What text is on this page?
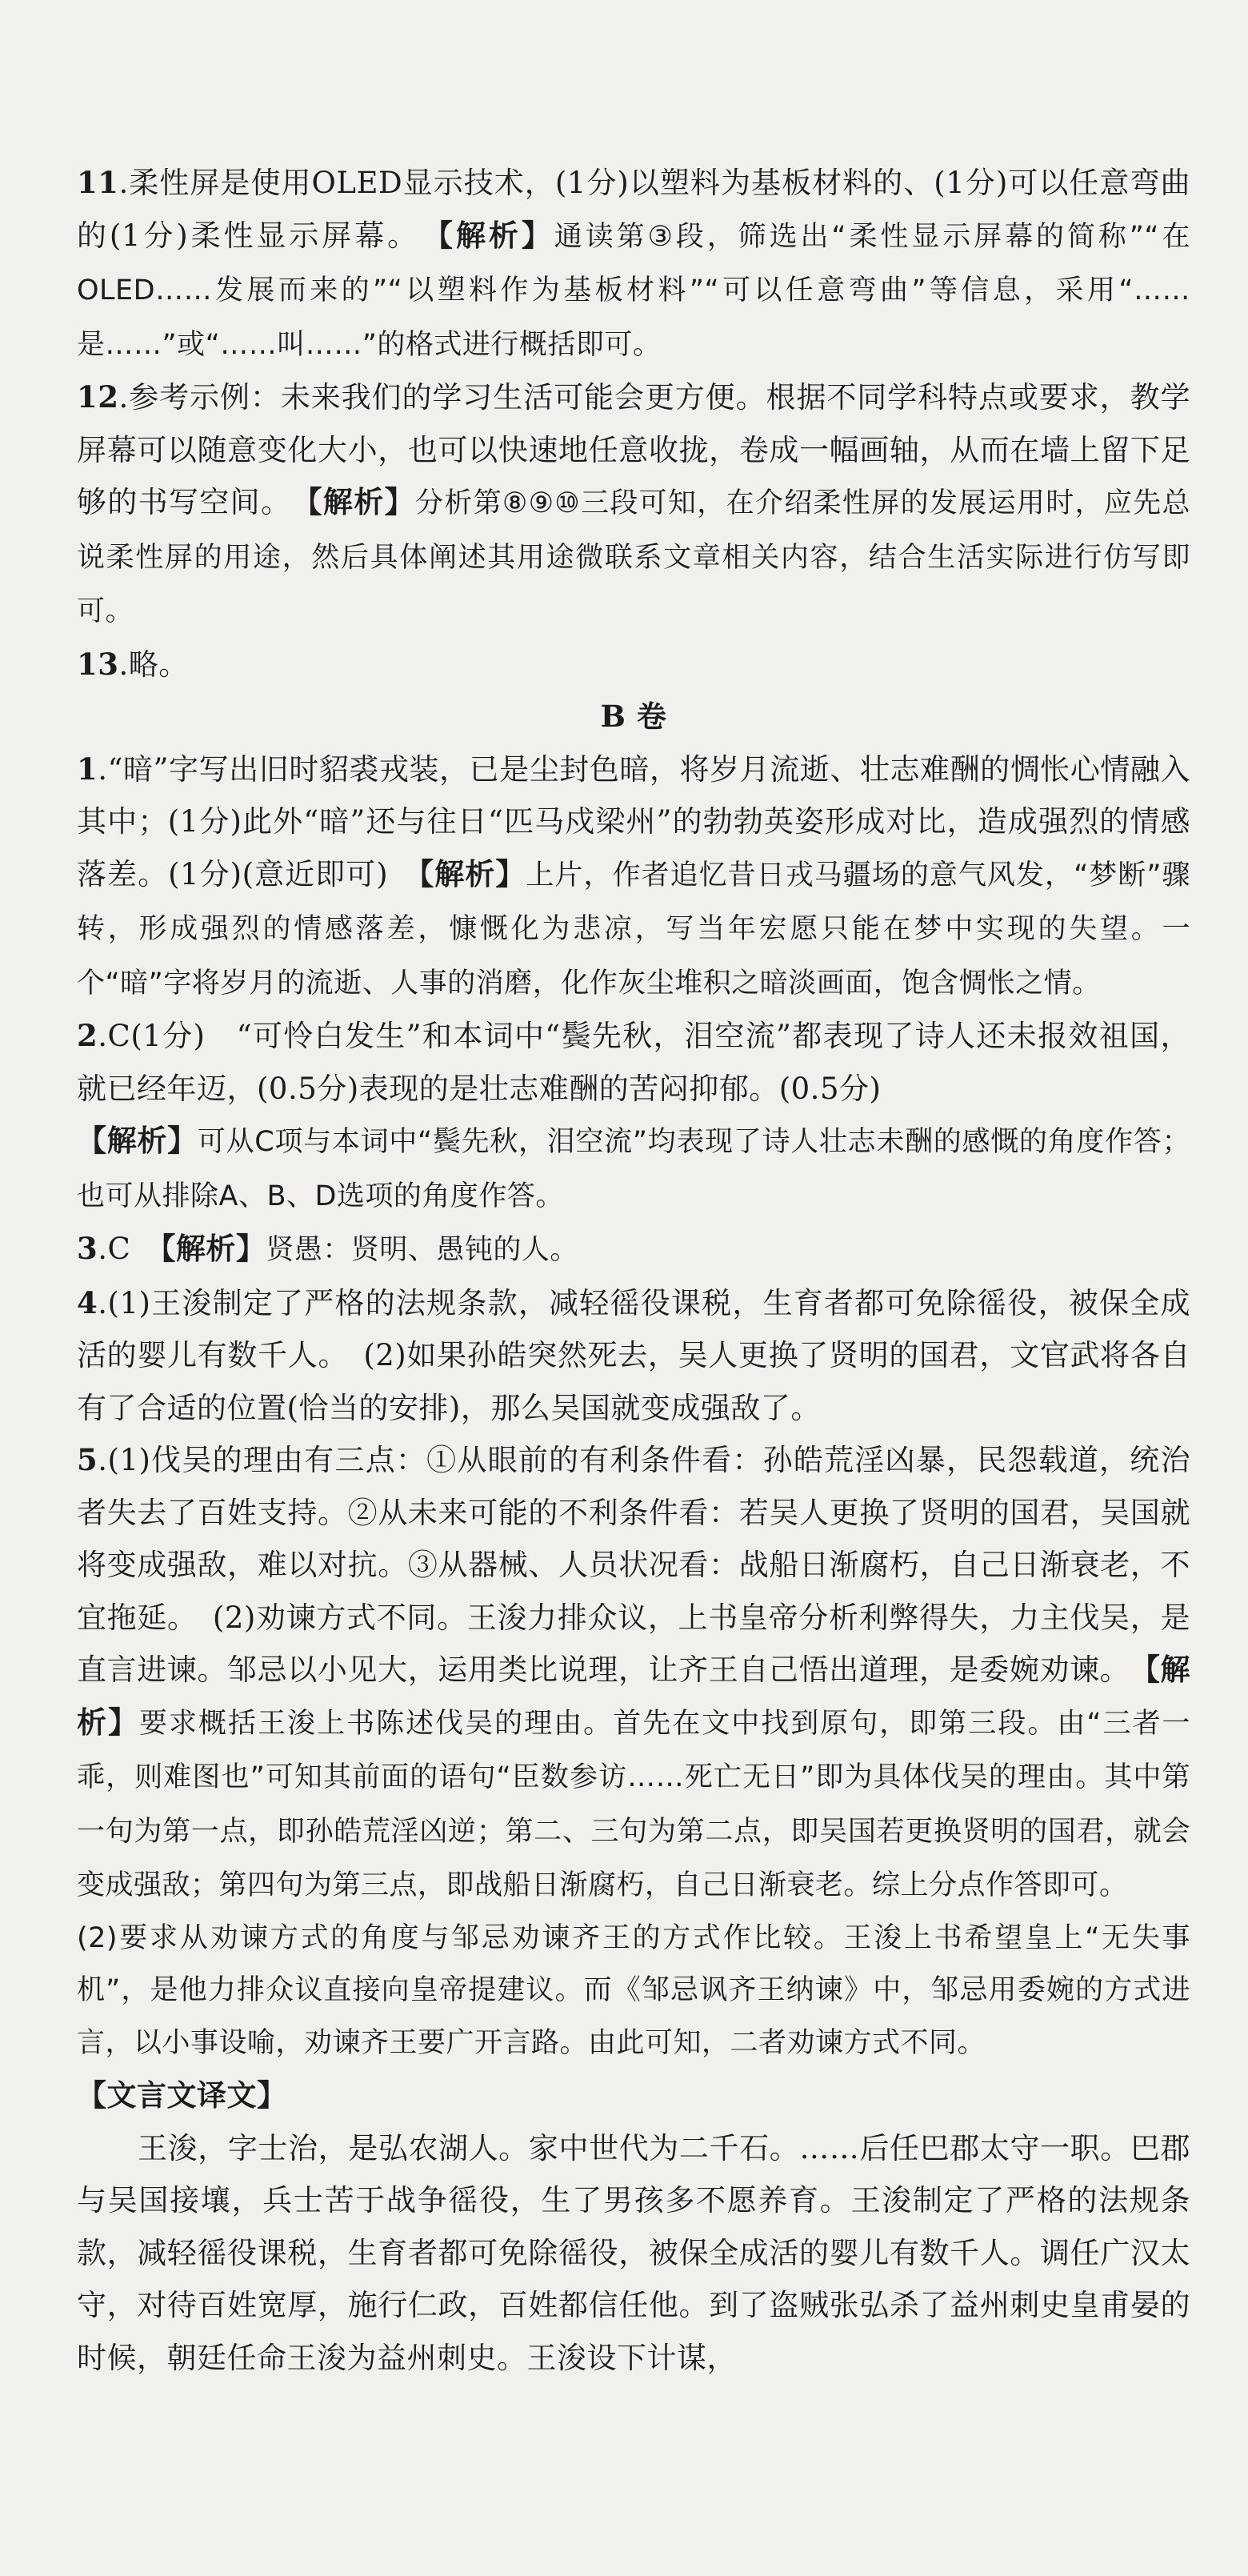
11.柔性屏是使用OLED显示技术，(1分)以塑料为基板材料的、(1分)可以任意弯曲的(1分)柔性显示屏幕。　【解析】通读第③段，筛选出“柔性显示屏幕的简称”“在OLED……发展而来的”“以塑料作为基板材料”“可以任意弯曲”等信息，采用“……是……”或“……叫……”的格式进行概括即可。

12.参考示例：未来我们的学习生活可能会更方便。根据不同学科特点或要求，教学屏幕可以随意变化大小，也可以快速地任意收拢，卷成一幅画轴，从而在墙上留下足够的书写空间。　【解析】分析第⑧⑨⑩三段可知，在介绍柔性屏的发展运用时，应先总说柔性屏的用途，然后具体阐述其用途微联系文章相关内容，结合生活实际进行仿写即可。

13.略。

B 卷

1.“暗”字写出旧时貂裘戎装，已是尘封色暗，将岁月流逝、壮志难酬的惆怅心情融入其中；(1分)此外“暗”还与往日“匹马戍梁州”的勃勃英姿形成对比，造成强烈的情感落差。(1分)(意近即可)　【解析】上片，作者追忆昔日戎马疆场的意气风发，“梦断”骤转，形成强烈的情感落差，慷慨化为悲凉，写当年宏愿只能在梦中实现的失望。一个“暗”字将岁月的流逝、人事的消磨，化作灰尘堆积之暗淡画面，饱含惆怅之情。

2.C(1分)　“可怜白发生”和本词中“鬓先秋，泪空流”都表现了诗人还未报效祖国，就已经年迈，(0.5分)表现的是壮志难酬的苦闷抑郁。(0.5分)

【解析】可从C项与本词中“鬓先秋，泪空流”均表现了诗人壮志未酬的感慨的角度作答；也可从排除A、B、D选项的角度作答。

3.C　【解析】贤愚：贤明、愚钝的人。

4.(1)王浚制定了严格的法规条款，减轻徭役课税，生育者都可免除徭役，被保全成活的婴儿有数千人。　(2)如果孙皓突然死去，吴人更换了贤明的国君，文官武将各自有了合适的位置(恰当的安排)，那么吴国就变成强敌了。

5.(1)伐吴的理由有三点：①从眼前的有利条件看：孙皓荒淫凶暴，民怨载道，统治者失去了百姓支持。②从未来可能的不利条件看：若吴人更换了贤明的国君，吴国就将变成强敌，难以对抗。③从器械、人员状况看：战船日渐腐朽，自己日渐衰老，不宜拖延。　(2)劝谏方式不同。王浚力排众议，上书皇帝分析利弊得失，力主伐吴，是直言进谏。邹忌以小见大，运用类比说理，让齐王自己悟出道理，是委婉劝谏。　【解析】要求概括王浚上书陈述伐吴的理由。首先在文中找到原句，即第三段。由“三者一乖，则难图也”可知其前面的语句“臣数参访……死亡无日”即为具体伐吴的理由。其中第一句为第一点，即孙皓荒淫凶逆；第二、三句为第二点，即吴国若更换贤明的国君，就会变成强敌；第四句为第三点，即战船日渐腐朽，自己日渐衰老。综上分点作答即可。

(2)要求从劝谏方式的角度与邹忌劝谏齐王的方式作比较。王浚上书希望皇上“无失事机”，是他力排众议直接向皇帝提建议。而《邹忌讽齐王纳谏》中，邹忌用委婉的方式进言，以小事设喻，劝谏齐王要广开言路。由此可知，二者劝谏方式不同。

【文言文译文】

王浚，字士治，是弘农湖人。家中世代为二千石。……后任巴郡太守一职。巴郡与吴国接壤，兵士苦于战争徭役，生了男孩多不愿养育。王浚制定了严格的法规条款，减轻徭役课税，生育者都可免除徭役，被保全成活的婴儿有数千人。调任广汉太守，对待百姓宽厚，施行仁政，百姓都信任他。到了盗贼张弘杀了益州刺史皇甫晏的时候，朝廷任命王浚为益州刺史。王浚设下计谋，
